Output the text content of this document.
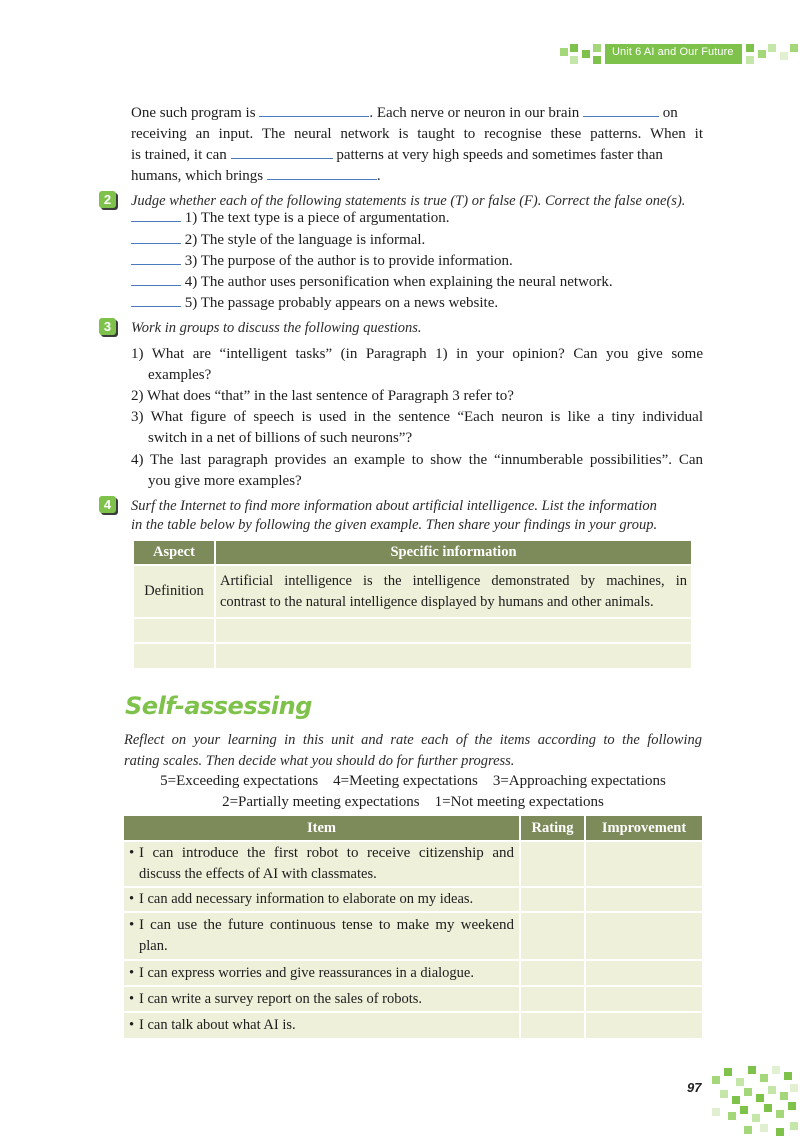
Unit 6 AI and Our Future
One such program is	. Each nerve or neuron in our brain	on
receiving an input. The neural network is taught to recognise these patterns. When it
is trained, it can	patterns at very high speeds and sometimes faster than
humans, which brings	.
2	Judge whether each of the following statements is true (T) or false (F). Correct the false one(s).
1) The text type is a piece of argumentation.
2) The style of the language is informal.
3) The purpose of the author is to provide information.
4) The author uses personification when explaining the neural network.
5) The passage probably appears on a news website.
3	Work in groups to discuss the following questions.
1) What are “intelligent tasks” (in Paragraph 1) in your opinion? Can you give some
examples?
2) What does “that” in the last sentence of Paragraph 3 refer to?
3) What figure of speech is used in the sentence “Each neuron is like a tiny individual
switch in a net of billions of such neurons”?
4) The last paragraph provides an example to show the “innumberable possibilities”. Can
you give more examples?
4	Surf the Internet to find more information about artificial intelligence. List the information
in the table below by following the given example. Then share your findings in your group.
Aspect	Specific information
Definition	Artificial intelligence is the intelligence demonstrated by machines, in
contrast to the natural intelligence displayed by humans and other animals.

Self-assessing
Reflect on your learning in this unit and rate each of the items according to the following
rating scales. Then decide what you should do for further progress.
5=Exceeding expectations    4=Meeting expectations    3=Approaching expectations
2=Partially meeting expectations    1=Not meeting expectations
Item	Rating	Improvement

• I can introduce the first robot to receive citizenship and
discuss the effects of AI with classmates.		

• I can add necessary information to elaborate on my ideas.		

• I can use the future continuous tense to make my weekend
plan.		

• I can express worries and give reassurances in a dialogue.		
• I can write a survey report on the sales of robots.		
• I can talk about what AI is.		
97
